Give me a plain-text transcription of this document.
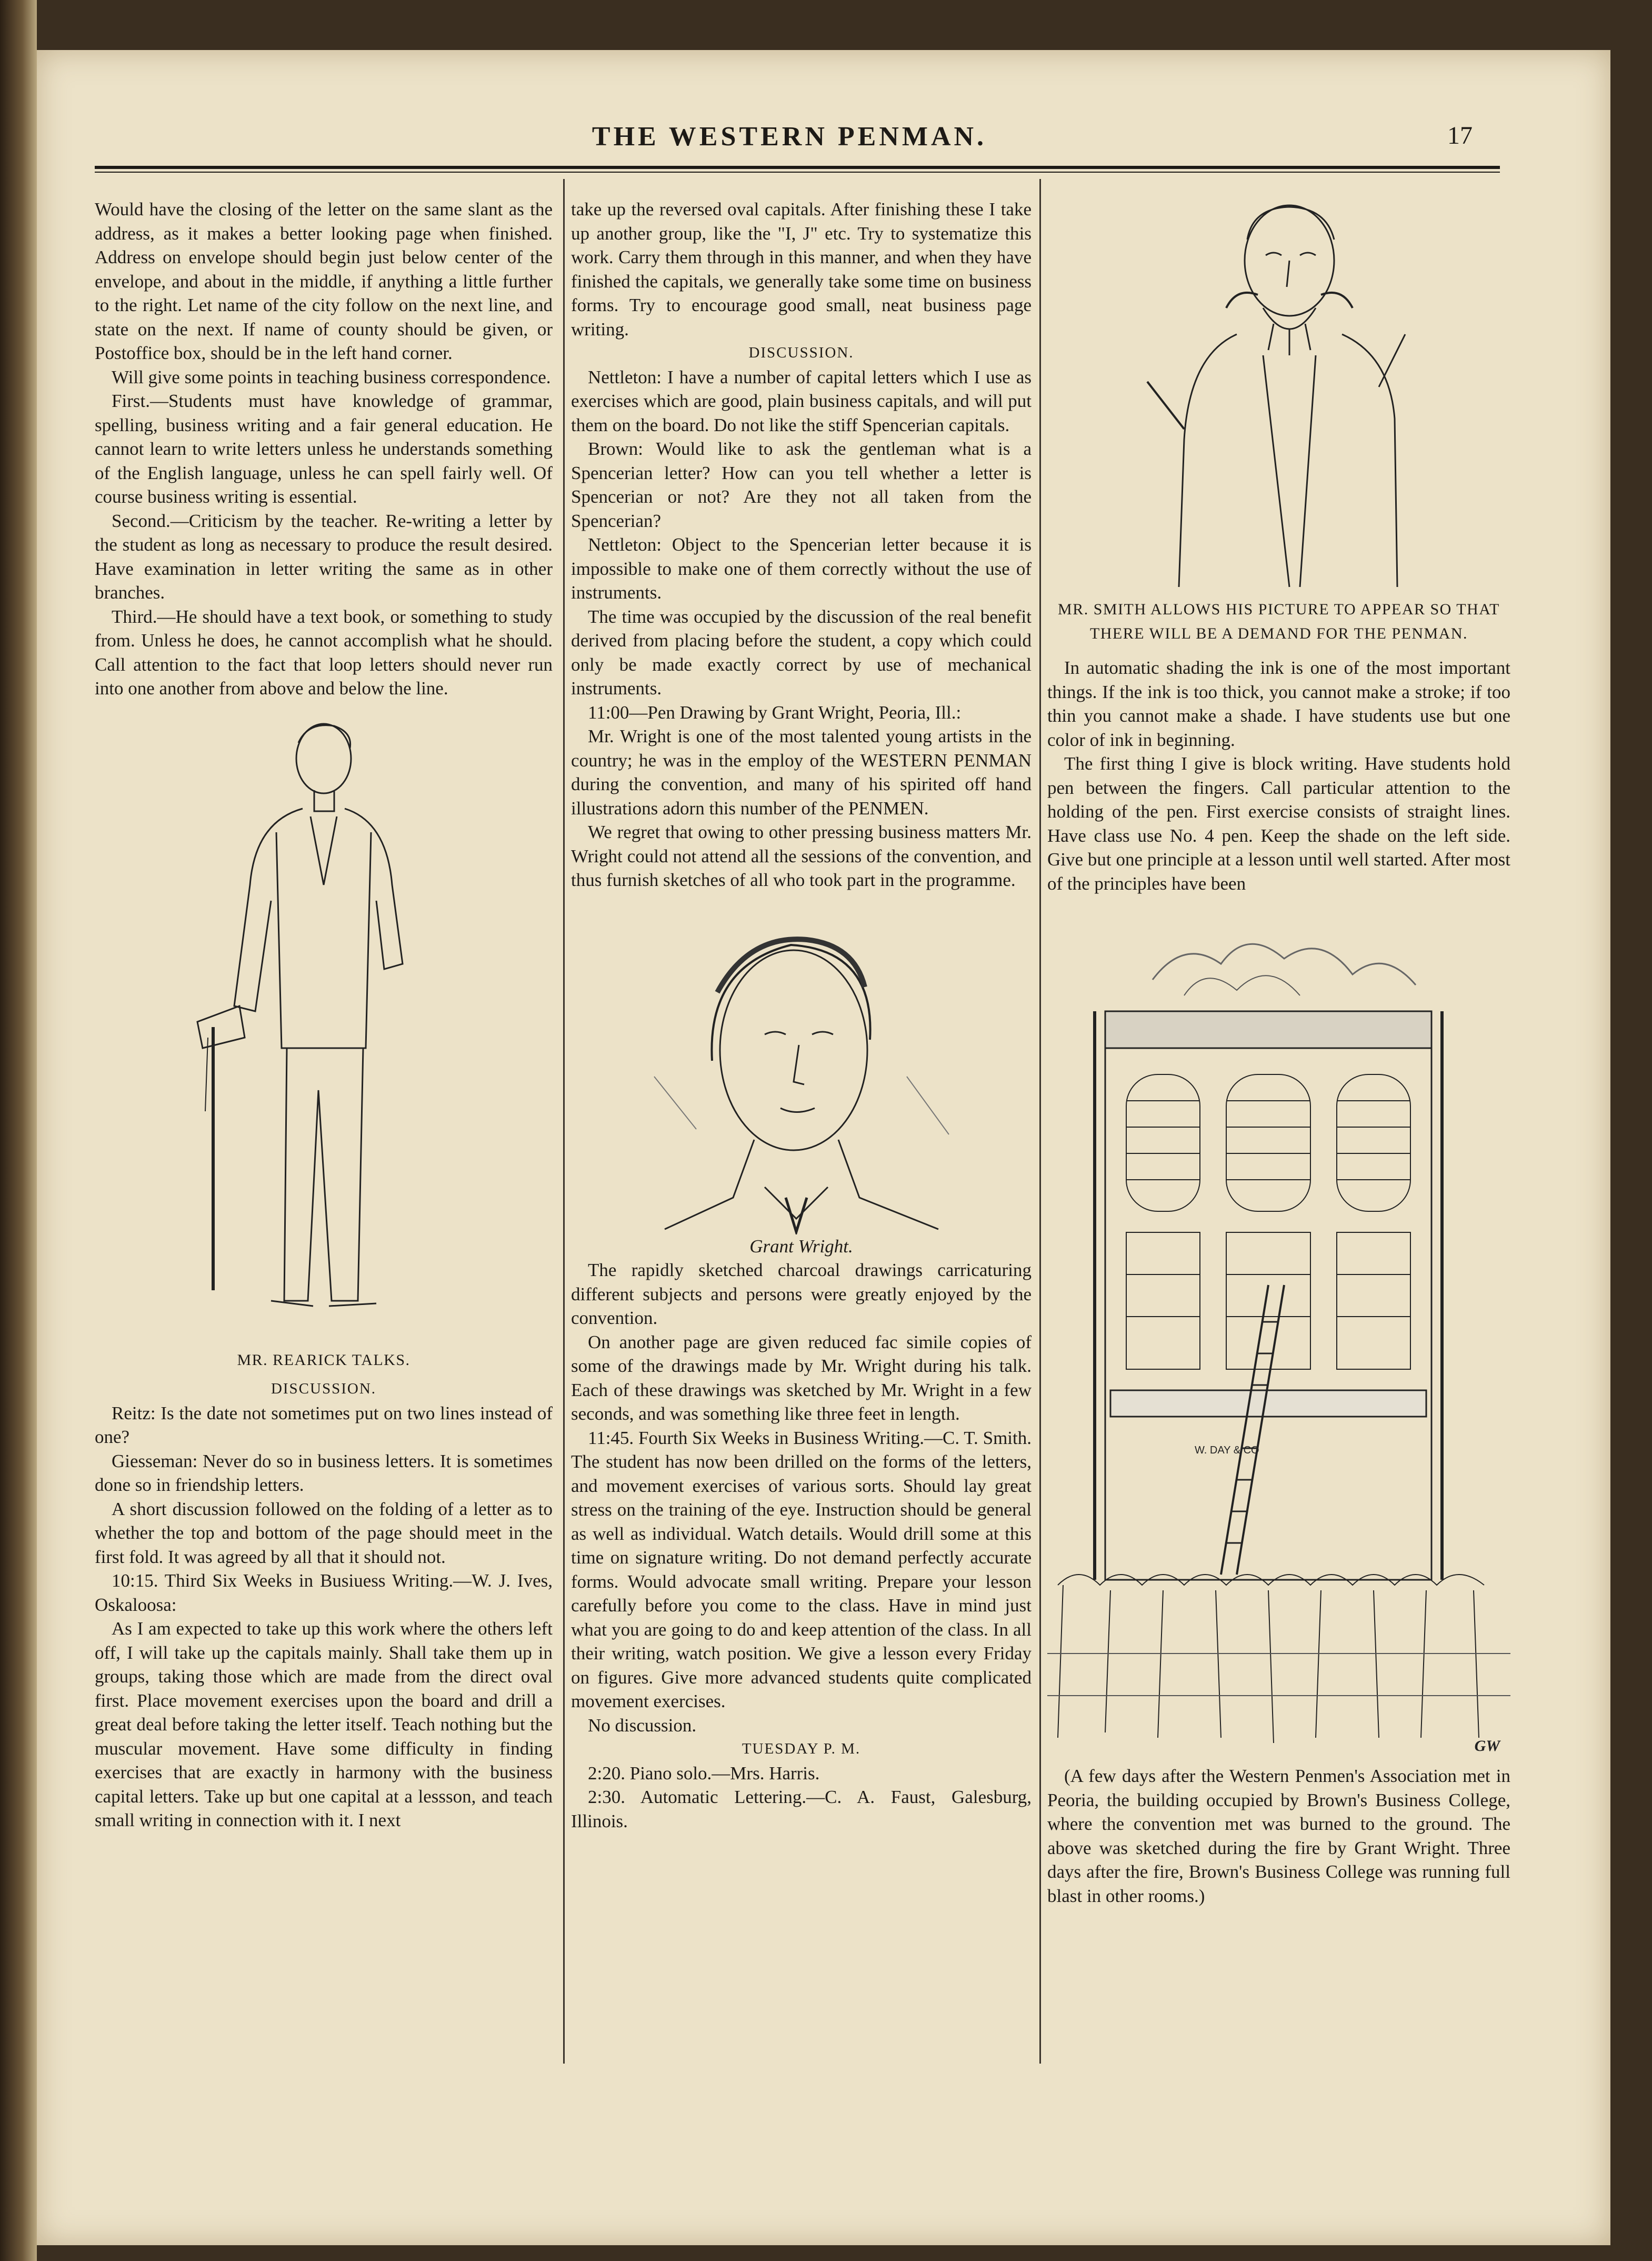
THE WESTERN PENMAN.	17

Would have the closing of the letter on the same slant as the address, as it makes a better looking page when finished. Address on envelope should begin just below center of the envelope, and about in the middle, if anything a little further to the right. Let name of the city follow on the next line, and state on the next. If name of county should be given, or Postoffice box, should be in the left hand corner.

Will give some points in teaching business correspondence.

First.—Students must have knowledge of grammar, spelling, business writing and a fair general education. He cannot learn to write letters unless he understands something of the English language, unless he can spell fairly well. Of course business writing is essential.

Second.—Criticism by the teacher. Re-writing a letter by the student as long as necessary to produce the result desired. Have examination in letter writing the same as in other branches.

Third.—He should have a text book, or something to study from. Unless he does, he cannot accomplish what he should. Call attention to the fact that loop letters should never run into one another from above and below the line.

MR. REARICK TALKS.

DISCUSSION.

Reitz: Is the date not sometimes put on two lines instead of one?

Giesseman: Never do so in business letters. It is sometimes done so in friendship letters.

A short discussion followed on the folding of a letter as to whether the top and bottom of the page should meet in the first fold. It was agreed by all that it should not.

10:15. Third Six Weeks in Busiuess Writing.—W. J. Ives, Oskaloosa:

As I am expected to take up this work where the others left off, I will take up the capitals mainly. Shall take them up in groups, taking those which are made from the direct oval first. Place movement exercises upon the board and drill a great deal before taking the letter itself. Teach nothing but the muscular movement. Have some difficulty in finding exercises that are exactly in harmony with the business capital letters. Take up but one capital at a lessson, and teach small writing in connection with it. I next

take up the reversed oval capitals. After finishing these I take up another group, like the "I, J" etc. Try to systematize this work. Carry them through in this manner, and when they have finished the capitals, we generally take some time on business forms. Try to encourage good small, neat business page writing.

DISCUSSION.

Nettleton: I have a number of capital letters which I use as exercises which are good, plain business capitals, and will put them on the board. Do not like the stiff Spencerian capitals.

Brown: Would like to ask the gentleman what is a Spencerian letter? How can you tell whether a letter is Spencerian or not? Are they not all taken from the Spencerian?

Nettleton: Object to the Spencerian letter because it is impossible to make one of them correctly without the use of instruments.

The time was occupied by the discussion of the real benefit derived from placing before the student, a copy which could only be made exactly correct by use of mechanical instruments.

11:00—Pen Drawing by Grant Wright, Peoria, Ill.:

Mr. Wright is one of the most talented young artists in the country; he was in the employ of the WESTERN PENMAN during the convention, and many of his spirited off hand illustrations adorn this number of the PENMEN.

We regret that owing to other pressing business matters Mr. Wright could not attend all the sessions of the convention, and thus furnish sketches of all who took part in the programme.

Grant Wright.

The rapidly sketched charcoal drawings carricaturing different subjects and persons were greatly enjoyed by the convention.

On another page are given reduced fac simile copies of some of the drawings made by Mr. Wright during his talk. Each of these drawings was sketched by Mr. Wright in a few seconds, and was something like three feet in length.

11:45. Fourth Six Weeks in Business Writing.—C. T. Smith. The student has now been drilled on the forms of the letters, and movement exercises of various sorts. Should lay great stress on the training of the eye. Instruction should be general as well as individual. Watch details. Would drill some at this time on signature writing. Do not demand perfectly accurate forms. Would advocate small writing. Prepare your lesson carefully before you come to the class. Have in mind just what you are going to do and keep attention of the class. In all their writing, watch position. We give a lesson every Friday on figures. Give more advanced students quite complicated movement exercises.

No discussion.

TUESDAY P. M.

2:20. Piano solo.—Mrs. Harris.

2:30. Automatic Lettering.—C. A. Faust, Galesburg, Illinois.

MR. SMITH ALLOWS HIS PICTURE TO APPEAR SO THAT THERE WILL BE A DEMAND FOR THE PENMAN.

In automatic shading the ink is one of the most important things. If the ink is too thick, you cannot make a stroke; if too thin you cannot make a shade. I have students use but one color of ink in beginning.

The first thing I give is block writing. Have students hold pen between the fingers. Call particular attention to the holding of the pen. First exercise consists of straight lines. Have class use No. 4 pen. Keep the shade on the left side. Give but one principle at a lesson until well started. After most of the principles have been

W. DAY & CO
GW

(A few days after the Western Penmen's Association met in Peoria, the building occupied by Brown's Business College, where the convention met was burned to the ground. The above was sketched during the fire by Grant Wright. Three days after the fire, Brown's Business College was running full blast in other rooms.)
